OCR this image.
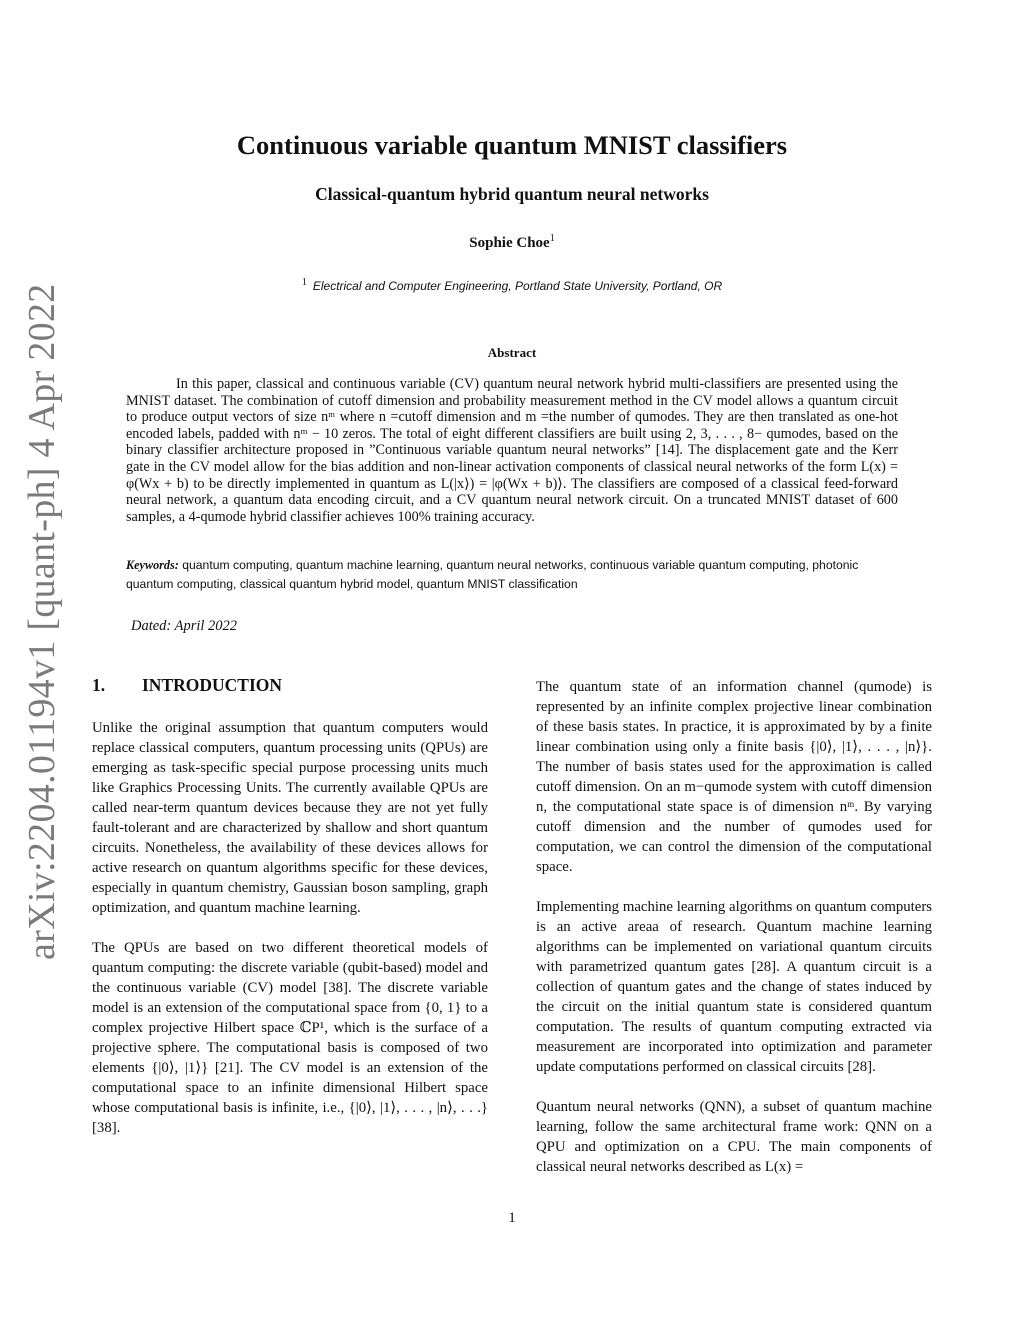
arXiv:2204.01194v1 [quant-ph] 4 Apr 2022
Continuous variable quantum MNIST classifiers
Classical-quantum hybrid quantum neural networks
Sophie Choe$^1$
$^1$ Electrical and Computer Engineering, Portland State University, Portland, OR
Abstract

In this paper, classical and continuous variable (CV) quantum neural network hybrid multi-classifiers are presented using the MNIST dataset. The combination of cutoff dimension and probability measurement method in the CV model allows a quantum circuit to produce output vectors of size nᵐ where n =cutoff dimension and m =the number of qumodes. They are then translated as one-hot encoded labels, padded with nᵐ − 10 zeros. The total of eight different classifiers are built using 2, 3, . . . , 8− qumodes, based on the binary classifier architecture proposed in ”Continuous variable quantum neural networks” [14]. The displacement gate and the Kerr gate in the CV model allow for the bias addition and non-linear activation components of classical neural networks of the form L(x) = φ(Wx + b) to be directly implemented in quantum as L(|x⟩) = |φ(Wx + b)⟩. The classifiers are composed of a classical feed-forward neural network, a quantum data encoding circuit, and a CV quantum neural network circuit. On a truncated MNIST dataset of 600 samples, a 4-qumode hybrid classifier achieves 100% training accuracy.

Keywords: quantum computing, quantum machine learning, quantum neural networks, continuous variable quantum computing, photonic quantum computing, classical quantum hybrid model, quantum MNIST classification
Dated: April 2022
1. INTRODUCTION

Unlike the original assumption that quantum computers would replace classical computers, quantum processing units (QPUs) are emerging as task-specific special purpose processing units much like Graphics Processing Units. The currently available QPUs are called near-term quantum devices because they are not yet fully fault-tolerant and are characterized by shallow and short quantum circuits. Nonetheless, the availability of these devices allows for active research on quantum algorithms specific for these devices, especially in quantum chemistry, Gaussian boson sampling, graph optimization, and quantum machine learning.

The QPUs are based on two different theoretical models of quantum computing: the discrete variable (qubit-based) model and the continuous variable (CV) model [38]. The discrete variable model is an extension of the computational space from {0, 1} to a complex projective Hilbert space ℂP¹, which is the surface of a projective sphere. The computational basis is composed of two elements {|0⟩, |1⟩} [21]. The CV model is an extension of the computational space to an infinite dimensional Hilbert space whose computational basis is infinite, i.e., {|0⟩, |1⟩, . . . , |n⟩, . . .} [38].

The quantum state of an information channel (qumode) is represented by an infinite complex projective linear combination of these basis states. In practice, it is approximated by by a finite linear combination using only a finite basis {|0⟩, |1⟩, . . . , |n⟩}. The number of basis states used for the approximation is called cutoff dimension. On an m−qumode system with cutoff dimension n, the computational state space is of dimension nᵐ. By varying cutoff dimension and the number of qumodes used for computation, we can control the dimension of the computational space.

Implementing machine learning algorithms on quantum computers is an active areaa of research. Quantum machine learning algorithms can be implemented on variational quantum circuits with parametrized quantum gates [28]. A quantum circuit is a collection of quantum gates and the change of states induced by the circuit on the initial quantum state is considered quantum computation. The results of quantum computing extracted via measurement are incorporated into optimization and parameter update computations performed on classical circuits [28].

Quantum neural networks (QNN), a subset of quantum machine learning, follow the same architectural frame work: QNN on a QPU and optimization on a CPU. The main components of classical neural networks described as L(x) =

1
